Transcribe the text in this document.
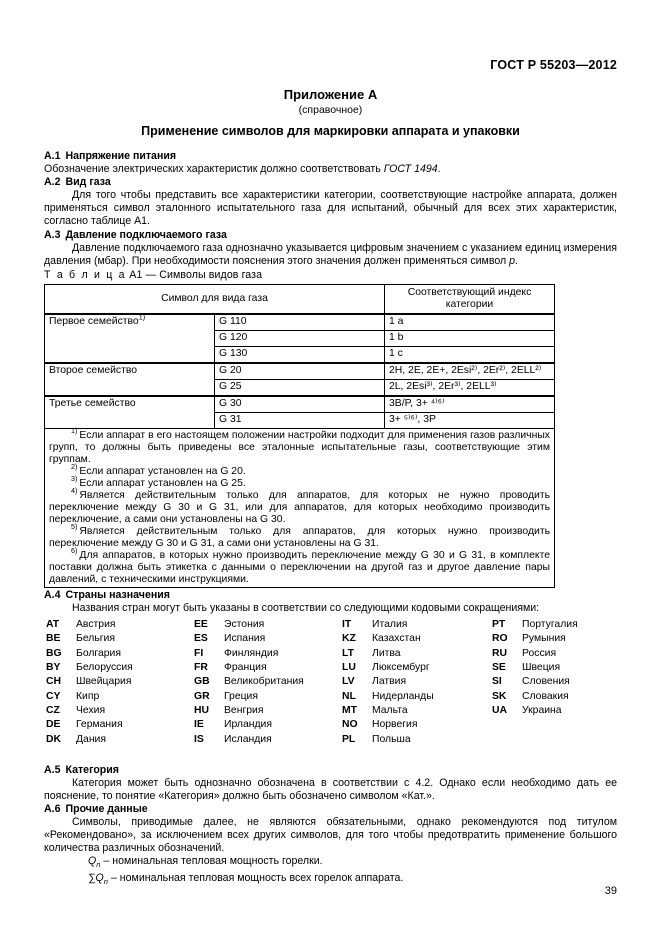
ГОСТ Р 55203—2012
Приложение А
(справочное)
Применение символов для маркировки аппарата и упаковки
А.1 Напряжение питания

Обозначение электрических характеристик должно соответствовать ГОСТ 1494.

А.2 Вид газа

Для того чтобы представить все характеристики категории, соответствующие настройке аппарата, должен применяться символ эталонного испытательного газа для испытаний, обычный для всех этих характеристик, согласно таблице А1.

А.3 Давление подключаемого газа

Давление подключаемого газа однозначно указывается цифровым значением с указанием единиц измерения давления (мбар). При необходимости пояснения этого значения должен применяться символ p.

Т а б л и ц а А1 — Символы видов газа
Символ для вида газа		Соответствующий индекс категории
Первое семейство$^{1)}$	G 110	1 a
	G 120	1 b
	G 130	1 c
Второе семейство	G 20	2H, 2E, 2E+, 2Esi²⁾, 2Er²⁾, 2ELL²⁾
	G 25	2L, 2Esi³⁾, 2Er³⁾, 2ELL³⁾
Третье семейство	G 30	3B/P, 3+ ⁴⁾⁶⁾
	G 31	3+ ⁵⁾⁶⁾, 3P

$^{1)}$ Если аппарат в его настоящем положении настройки подходит для применения газов различных групп, то должны быть приведены все эталонные испытательные газы, соответствующие этим группам.

$^{2)}$ Если аппарат установлен на G 20.

$^{3)}$ Если аппарат установлен на G 25.

$^{4)}$ Является действительным только для аппаратов, для которых не нужно проводить переключение между G 30 и G 31, или для аппаратов, для которых необходимо производить переключение, а сами они установлены на G 30.

$^{5)}$ Является действительным только для аппаратов, для которых нужно производить переключение между G 30 и G 31, а сами они установлены на G 31.

$^{6)}$ Для аппаратов, в которых нужно производить переключение между G 30 и G 31, в комплекте поставки должна быть этикетка с данными о переключении на другой газ и другое давление пары давлений, с техническими инструкциями.

А.4 Страны назначения

Названия стран могут быть указаны в соответствии со следующими кодовыми сокращениями:

AT	Австрия	EE	Эстония	IT	Италия	PT	Португалия
BE	Бельгия	ES	Испания	KZ	Казахстан	RO	Румыния
BG	Болгария	FI	Финляндия	LT	Литва	RU	Россия
BY	Белоруссия	FR	Франция	LU	Люксембург	SE	Швеция
CH	Швейцария	GB	Великобритания	LV	Латвия	SI	Словения
CY	Кипр	GR	Греция	NL	Нидерланды	SK	Словакия
CZ	Чехия	HU	Венгрия	MT	Мальта	UA	Украина
DE	Германия	IE	Ирландия	NO	Норвегия
DK	Дания	IS	Исландия	PL	Польша
А.5 Категория

Категория может быть однозначно обозначена в соответствии с 4.2. Однако если необходимо дать ее пояснение, то понятие «Категория» должно быть обозначено символом «Кат.».

А.6 Прочие данные

Символы, приводимые далее, не являются обязательными, однако рекомендуются под титулом «Рекомендовано», за исключением всех других символов, для того чтобы предотвратить применение большого количества различных обозначений.

$Q_n$ – номинальная тепловая мощность горелки.

$\sum Q_n$ – номинальная тепловая мощность всех горелок аппарата.

39
